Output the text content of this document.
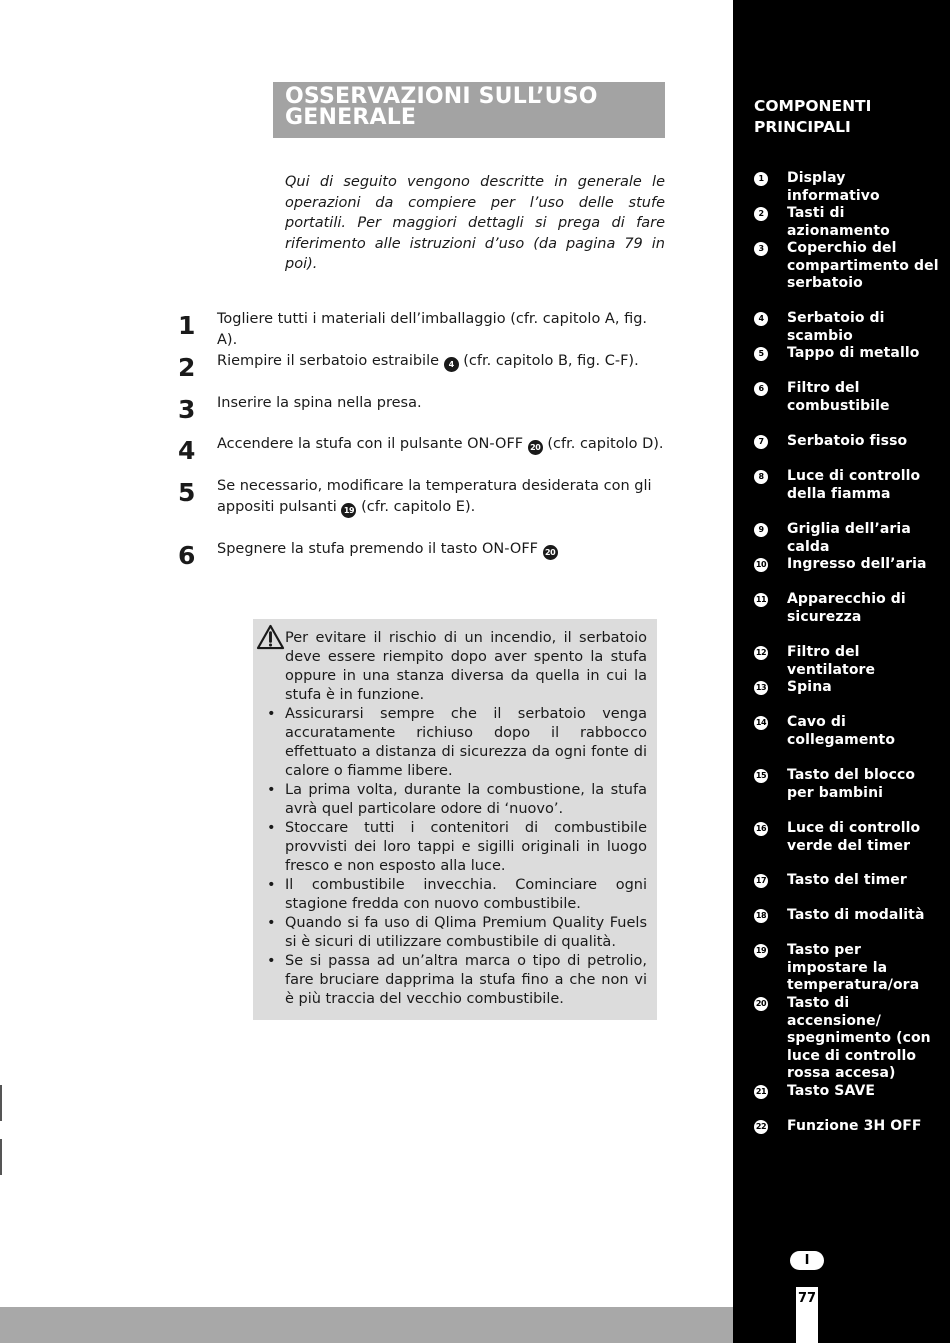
OSSERVAZIONI SULL’USO
GENERALE

Qui di seguito vengono descritte in generale le operazioni da compiere per l’uso delle stufe portatili. Per maggiori dettagli si prega di fare riferimento alle istruzioni d’uso (da pagina 79 in poi).

1 Togliere tutti i materiali dell’imballaggio (cfr. capitolo A, fig. A).
2 Riempire il serbatoio estraibile 4 (cfr. capitolo B, fig. C-F).
3 Inserire la spina nella presa.
4 Accendere la stufa con il pulsante ON-OFF 20 (cfr. capitolo D).
5 Se necessario, modificare la temperatura desiderata con gli appositi pulsanti 19 (cfr. capitolo E).
6 Spegnere la stufa premendo il tasto ON-OFF 20

Per evitare il rischio di un incendio, il serbatoio deve essere riempito dopo aver spento la stufa oppure in una stanza diversa da quella in cui la stufa è in funzione.

• Assicurarsi sempre che il serbatoio venga accuratamente richiuso dopo il rabbocco effettuato a distanza di sicurezza da ogni fonte di calore o fiamme libere.
• La prima volta, durante la combustione, la stufa avrà quel particolare odore di ‘nuovo’.
• Stoccare tutti i contenitori di combustibile provvisti dei loro tappi e sigilli originali in luogo fresco e non esposto alla luce.
• Il combustibile invecchia. Cominciare ogni stagione fredda con nuovo combustibile.
• Quando si fa uso di Qlima Premium Quality Fuels si è sicuri di utilizzare combustibile di qualità.
• Se si passa ad un’altra marca o tipo di petrolio, fare bruciare dapprima la stufa fino a che non vi è più traccia del vecchio combustibile.
COMPONENTI
PRINCIPALI
1	Display informativo
2	Tasti di azionamento
3	Coperchio del compartimento del serbatoio
4	Serbatoio di scambio
5	Tappo di metallo
6	Filtro del combustibile
7	Serbatoio fisso
8	Luce di controllo della fiamma
9	Griglia dell’aria calda
10 Ingresso dell’aria
11 Apparecchio di sicurezza
12 Filtro del ventilatore
13 Spina
14 Cavo di collegamento
15 Tasto del blocco per bambini
16 Luce di controllo verde del timer
17 Tasto del timer
18 Tasto di modalità
19 Tasto per impostare la temperatura/ora
20 Tasto di accensione/ spegnimento (con luce di controllo rossa accesa)
21 Tasto SAVE
22 Funzione 3H OFF
I
77
